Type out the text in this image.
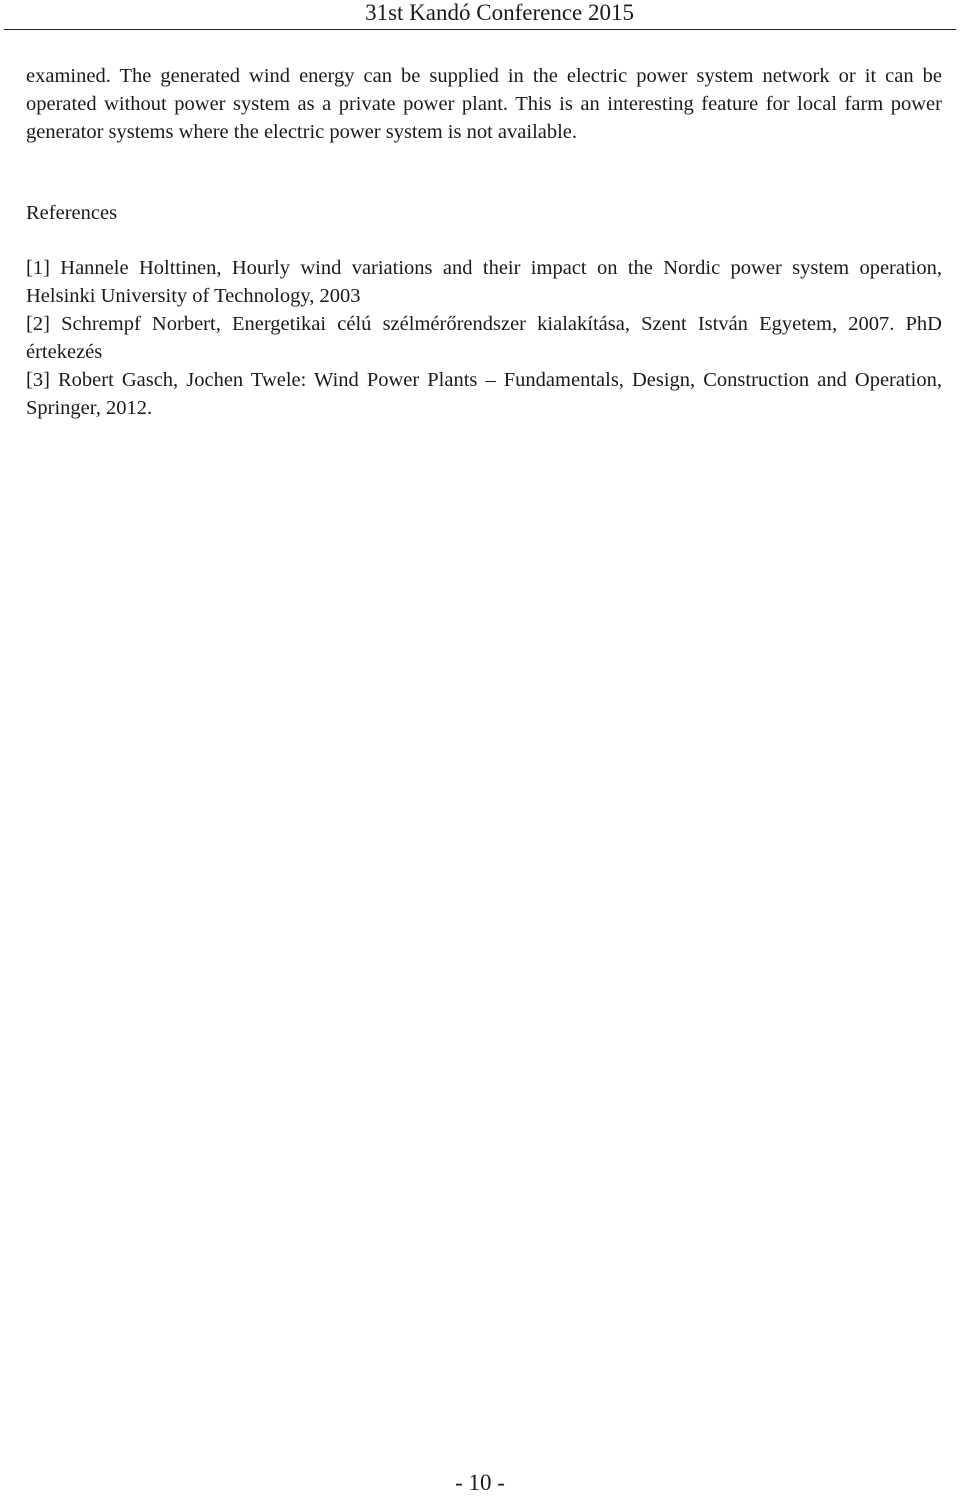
31st Kandó Conference 2015
examined. The generated wind energy can be supplied in the electric power system network or it can be operated without power system as a private power plant. This is an interesting feature for local farm power generator systems where the electric power system is not available.
References

[1] Hannele Holttinen, Hourly wind variations and their impact on the Nordic power system operation, Helsinki University of Technology, 2003

[2] Schrempf Norbert, Energetikai célú szélmérőrendszer kialakítása, Szent István Egyetem, 2007. PhD értekezés

[3] Robert Gasch, Jochen Twele: Wind Power Plants – Fundamentals, Design, Construction and Operation, Springer, 2012.

- 10 -
